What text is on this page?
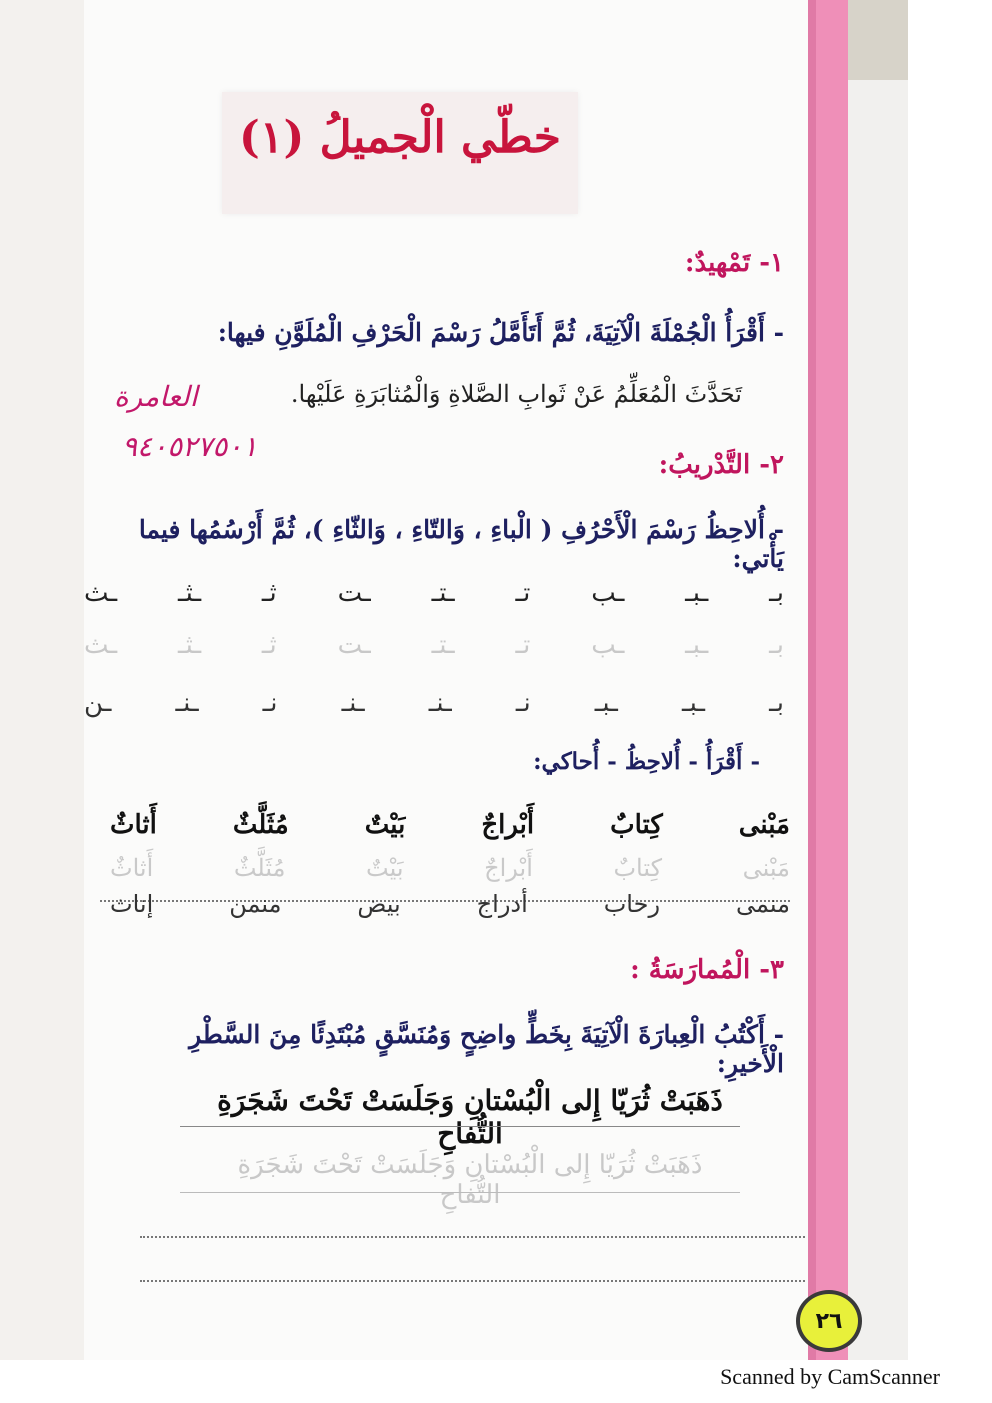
خطّي الْجميلُ (١)
١- تَمْهيدٌ:
- أَقْرَأُ الْجُمْلَةَ الْآتِيَةَ، ثُمَّ أَتَأَمَّلُ رَسْمَ الْحَرْفِ الْمُلَوَّنِ فيها:
تَحَدَّثَ الْمُعَلِّمُ عَنْ ثَوابِ الصَّلاةِ وَالْمُثابَرَةِ عَلَيْها.
العامرة
٩٤٠٥٢٧٥٠١
٢- التَّدْريبُ:
- أُلاحِظُ رَسْمَ الْأَحْرُفِ ( الْباءِ ، وَالتّاءِ ، وَالثّاءِ )، ثُمَّ أَرْسُمُها فيما يَأْتي:
بـ
ـبـ
ـب
تـ
ـتـ
ـت
ثـ
ـثـ
ـث
بـ
ـبـ
ـب
تـ
ـتـ
ـت
ثـ
ـثـ
ـث
بـ
ـبـ
ـبـ
نـ
ـنـ
ـنـ
نـ
ـنـ
ـن
- أَقْرَأُ - أُلاحِظُ - أُحاكي:
مَبْنى
كِتابٌ
أَبْراجٌ
بَيْتٌ
مُثَلَّثٌ
أَثاثٌ
مَبْنى
كِتابٌ
أَبْراجٌ
بَيْتٌ
مُثَلَّثٌ
أَثاثٌ
منمى
رحاب
أدراج
بيض
منمن
إناث
٣- الْمُمارَسَةُ :
- أَكْتُبُ الْعِبارَةَ الْآتِيَةَ بِخَطٍّ واضِحٍ وَمُنَسَّقٍ مُبْتَدِئًا مِنَ السَّطْرِ الْأَخيرِ:
ذَهَبَتْ ثُرَيّا إِلى الْبُسْتانِ وَجَلَسَتْ تَحْتَ شَجَرَةِ التُّفاحِ
ذَهَبَتْ ثُرَيّا إِلى الْبُسْتانِ وَجَلَسَتْ تَحْتَ شَجَرَةِ التُّفاحِ
٢٦
Scanned by CamScanner
